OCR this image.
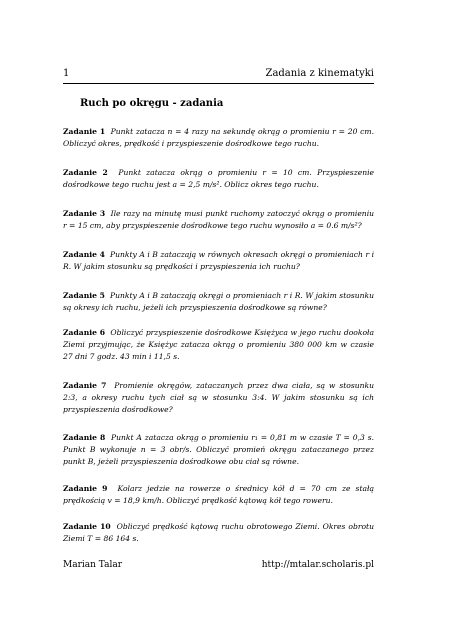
1	Zadania z kinematyki
Ruch po okręgu - zadania
Zadanie 1 Punkt zatacza n = 4 razy na sekundę okrąg o promieniu r = 20 cm. Obliczyć okres, prędkość i przyspieszenie dośrodkowe tego ruchu.
Zadanie 2 Punkt zatacza okrąg o promieniu r = 10 cm. Przyspieszenie dośrodkowe tego ruchu jest a = 2,5 m/s². Oblicz okres tego ruchu.
Zadanie 3 Ile razy na minutę musi punkt ruchomy zatoczyć okrąg o promieniu r = 15 cm, aby przyspieszenie dośrodkowe tego ruchu wynosiło a = 0.6 m/s²?
Zadanie 4 Punkty A i B zataczają w równych okresach okręgi o promieniach r i R. W jakim stosunku są prędkości i przyspieszenia ich ruchu?
Zadanie 5 Punkty A i B zataczają okręgi o promieniach r i R. W jakim stosunku są okresy ich ruchu, jeżeli ich przyspieszenia dośrodkowe są równe?
Zadanie 6 Obliczyć przyspieszenie dośrodkowe Księżyca w jego ruchu dookoła Ziemi przyjmując, że Księżyc zatacza okrąg o promieniu 380 000 km w czasie 27 dni 7 godz. 43 min i 11,5 s.
Zadanie 7 Promienie okręgów, zataczanych przez dwa ciała, są w stosunku 2:3, a okresy ruchu tych ciał są w stosunku 3:4. W jakim stosunku są ich przyspieszenia dośrodkowe?
Zadanie 8 Punkt A zatacza okrąg o promieniu r₁ = 0,81 m w czasie T = 0,3 s. Punkt B wykonuje n = 3 obr/s. Obliczyć promień okręgu zataczanego przez punkt B, jeżeli przyspieszenia dośrodkowe obu ciał są równe.
Zadanie 9 Kolarz jedzie na rowerze o średnicy kół d = 70 cm ze stałą prędkością v = 18,9 km/h. Obliczyć prędkość kątową kół tego roweru.
Zadanie 10 Obliczyć prędkość kątową ruchu obrotowego Ziemi. Okres obrotu Ziemi T = 86 164 s.
Marian Talar	http://mtalar.scholaris.pl
